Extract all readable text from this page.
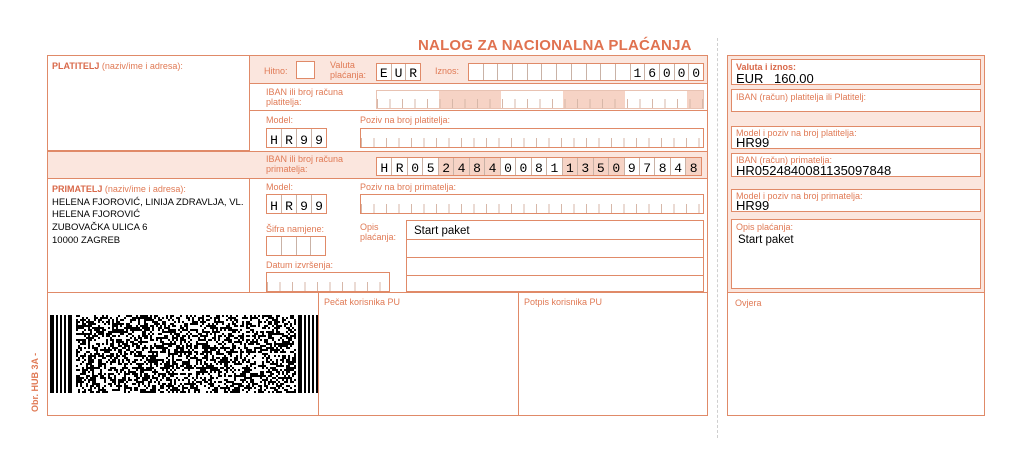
NALOG ZA NACIONALNA PLAĆANJA
Obr. HUB 3A -
PLATITELJ (naziv/ime i adresa):	Hitno:
Valuta plaćanja:	E U R	Iznos:	1 6 0 0 0
IBAN ili broj računa platitelja:
Model:
H R 9 9
Poziv na broj platitelja:
IBAN ili broj računa primatelja:	H R 0 5 2 4 8 4 0 0 8 1 1 3 5 0 9 7 8 4 8
PRIMATELJ (naziv/ime i adresa):
HELENA FJOROVIĆ, LINIJA ZDRAVLJA, VL.
HELENA FJOROVIĆ
ZUBOVAČKA ULICA 6
10000 ZAGREB
Model:
H R 9 9
Poziv na broj primatelja:
Šifra namjene:
Datum izvršenja:
Opis plaćanja:	Start paket
Pečat korisnika PU	Potpis korisnika PU
Valuta i iznos:
EUR 160.00
IBAN (račun) platitelja ili Platitelj:
Model i poziv na broj platitelja:
HR99
IBAN (račun) primatelja:
HR0524840081135097848
Model i poziv na broj primatelja:
HR99
Opis plaćanja:
Start paket
Ovjera
